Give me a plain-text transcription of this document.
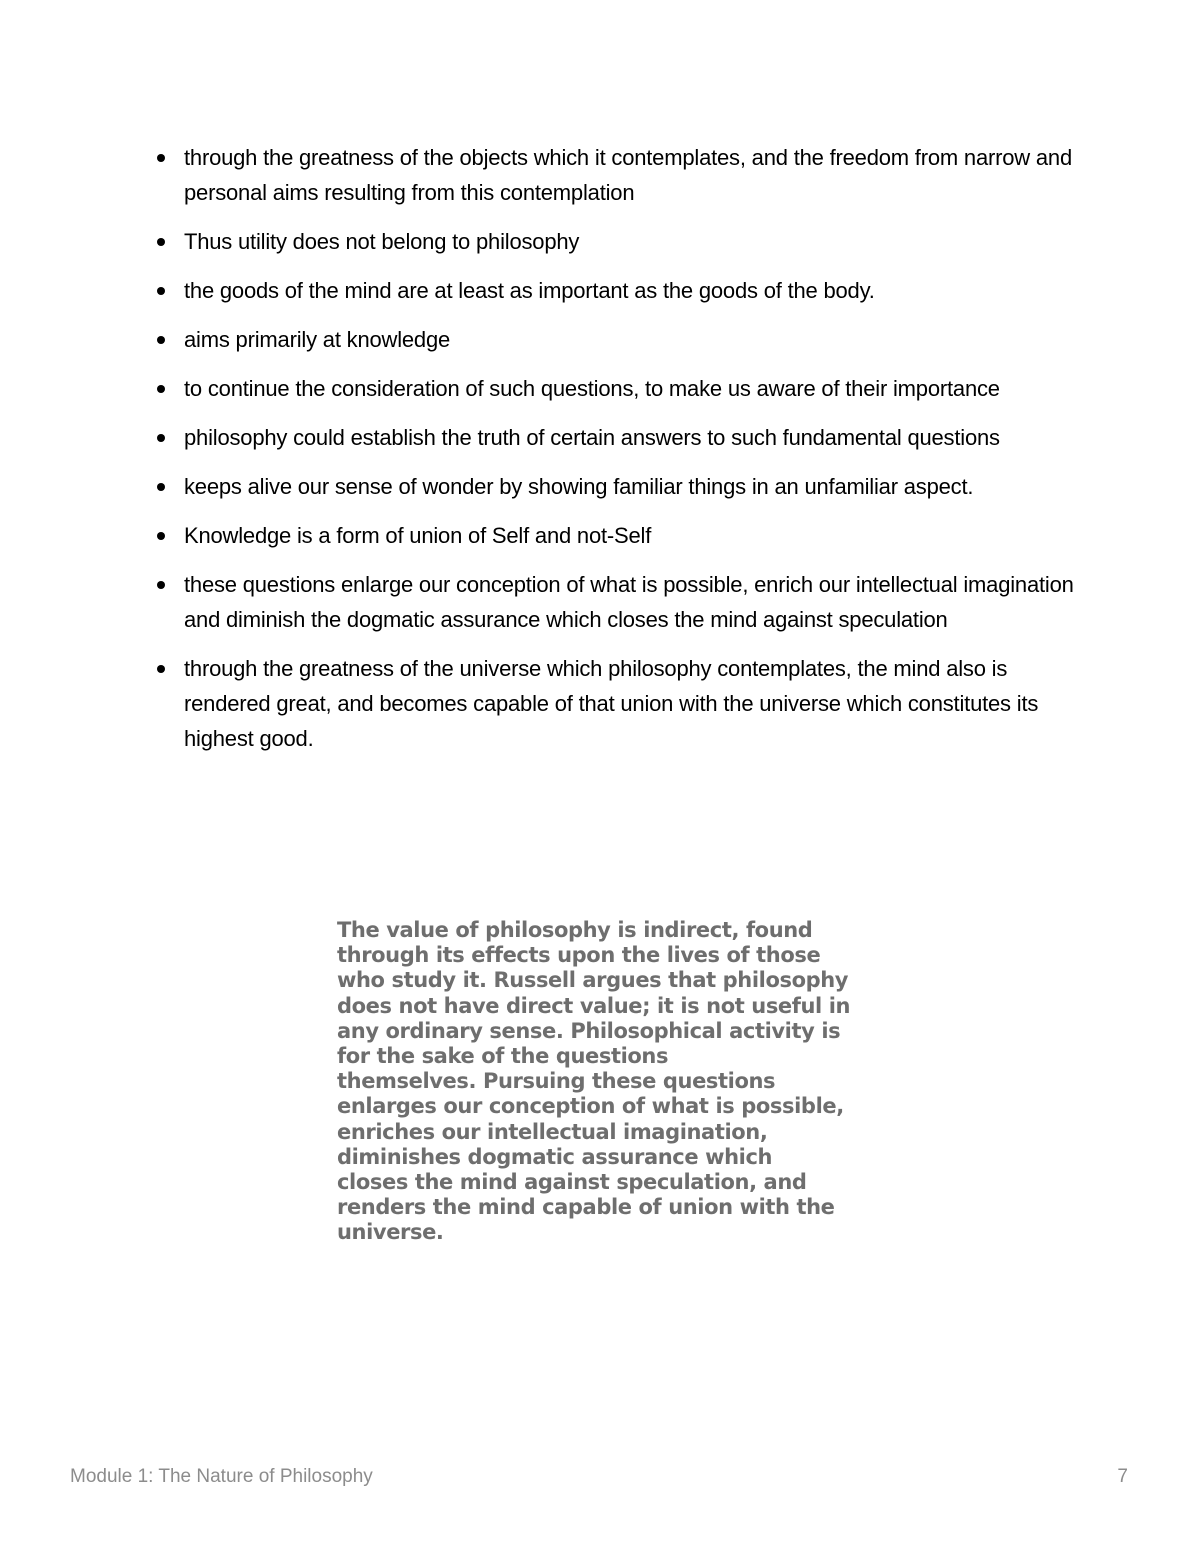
through the greatness of the objects which it contemplates, and the freedom from narrow and personal aims resulting from this contemplation
Thus utility does not belong to philosophy
the goods of the mind are at least as important as the goods of the body.
aims primarily at knowledge
to continue the consideration of such questions, to make us aware of their importance
philosophy could establish the truth of certain answers to such fundamental questions
keeps alive our sense of wonder by showing familiar things in an unfamiliar aspect.
Knowledge is a form of union of Self and not-Self
these questions enlarge our conception of what is possible, enrich our intellectual imagination and diminish the dogmatic assurance which closes the mind against speculation
through the greatness of the universe which philosophy contemplates, the mind also is rendered great, and becomes capable of that union with the universe which constitutes its highest good.

The value of philosophy is indirect, found
through its effects upon the lives of those
who study it. Russell argues that philosophy
does not have direct value; it is not useful in
any ordinary sense. Philosophical activity is
for the sake of the questions
themselves. Pursuing these questions
enlarges our conception of what is possible,
enriches our intellectual imagination,
diminishes dogmatic assurance which
closes the mind against speculation, and
renders the mind capable of union with the
universe.

Module 1: The Nature of Philosophy	7
